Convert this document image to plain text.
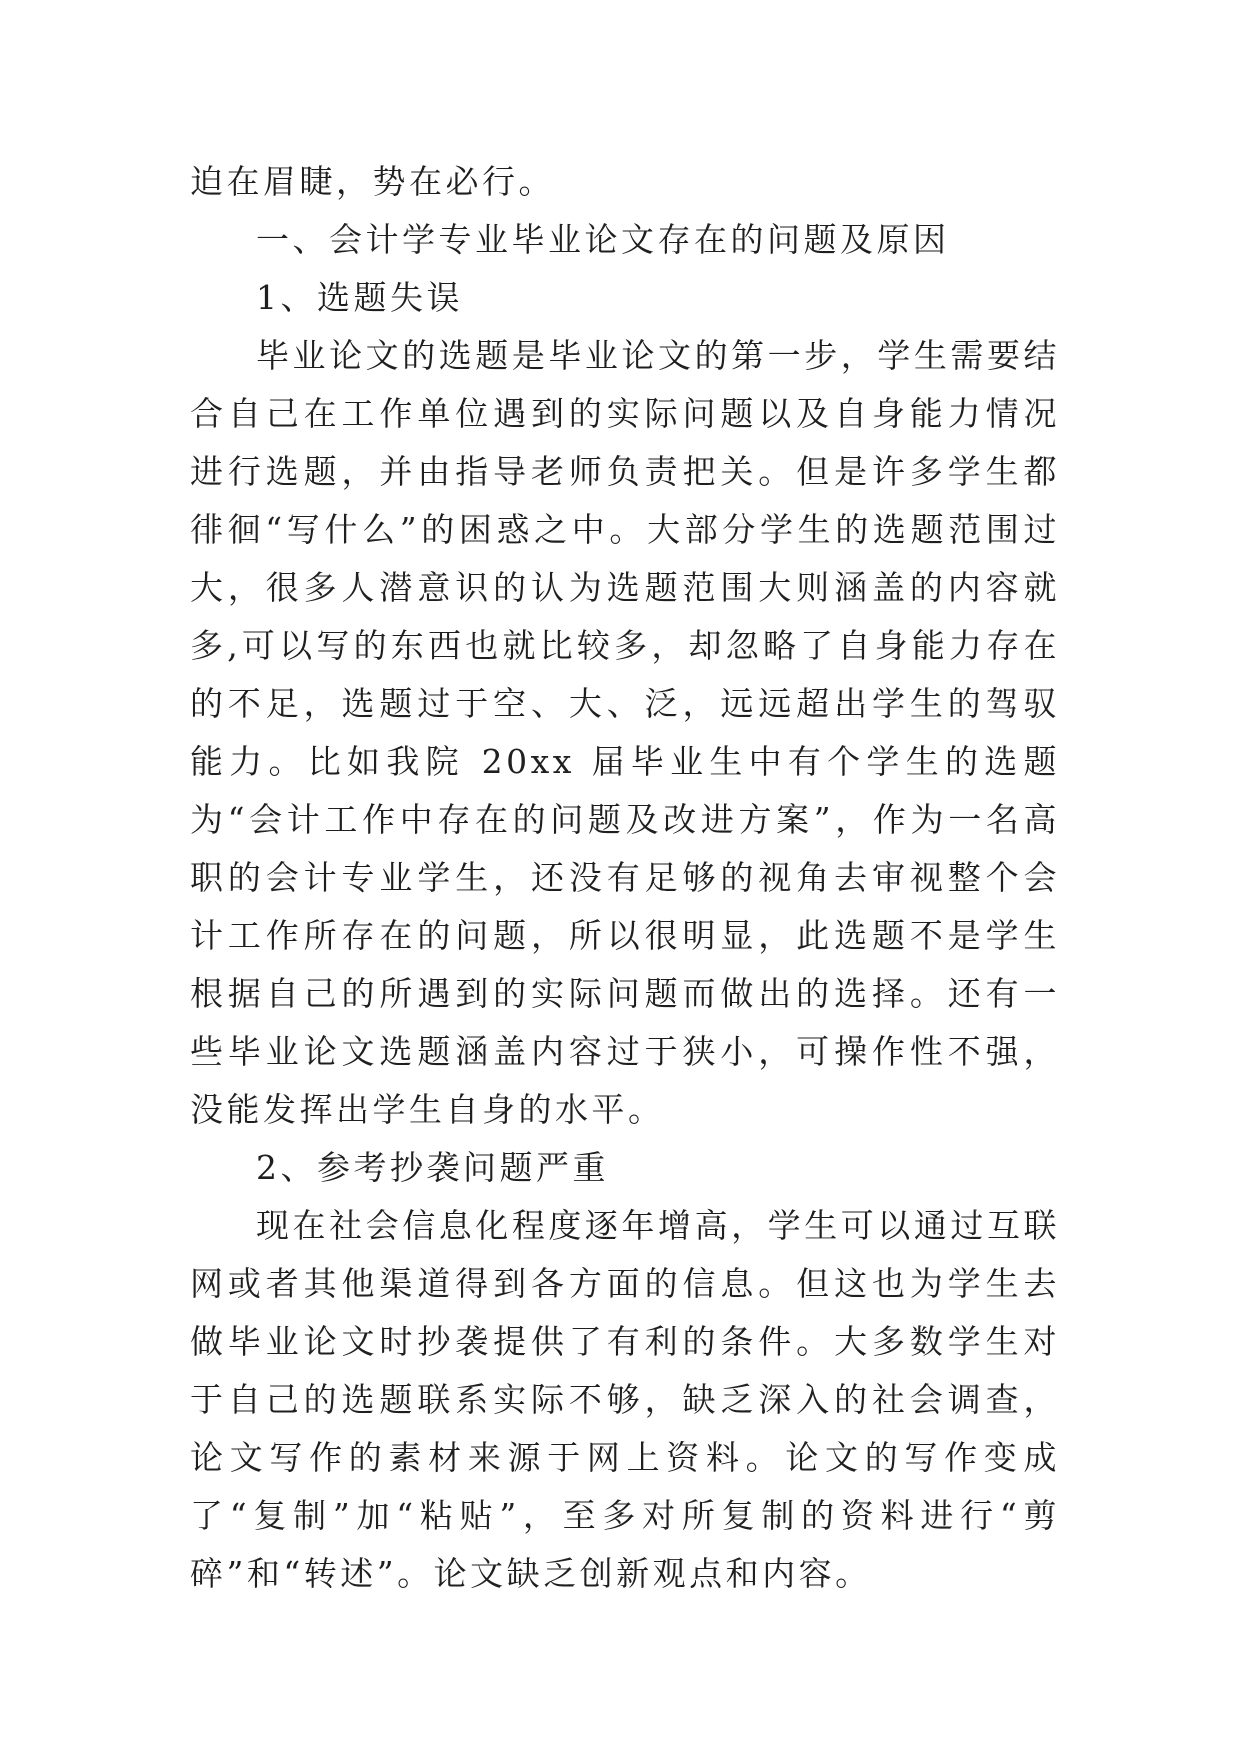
迫在眉睫，势在必行。

一、会计学专业毕业论文存在的问题及原因

1、选题失误

毕业论文的选题是毕业论文的第一步，学生需要结合自己在工作单位遇到的实际问题以及自身能力情况进行选题，并由指导老师负责把关。但是许多学生都徘徊“写什么”的困惑之中。大部分学生的选题范围过大，很多人潜意识的认为选题范围大则涵盖的内容就多,可以写的东西也就比较多，却忽略了自身能力存在的不足，选题过于空、大、泛，远远超出学生的驾驭能力。比如我院 20xx 届毕业生中有个学生的选题为“会计工作中存在的问题及改进方案”，作为一名高职的会计专业学生，还没有足够的视角去审视整个会计工作所存在的问题，所以很明显，此选题不是学生根据自己的所遇到的实际问题而做出的选择。还有一些毕业论文选题涵盖内容过于狭小，可操作性不强，没能发挥出学生自身的水平。

2、参考抄袭问题严重

现在社会信息化程度逐年增高，学生可以通过互联网或者其他渠道得到各方面的信息。但这也为学生去做毕业论文时抄袭提供了有利的条件。大多数学生对于自己的选题联系实际不够，缺乏深入的社会调查，论文写作的素材来源于网上资料。论文的写作变成了“复制”加“粘贴”，至多对所复制的资料进行“剪碎”和“转述”。论文缺乏创新观点和内容。
